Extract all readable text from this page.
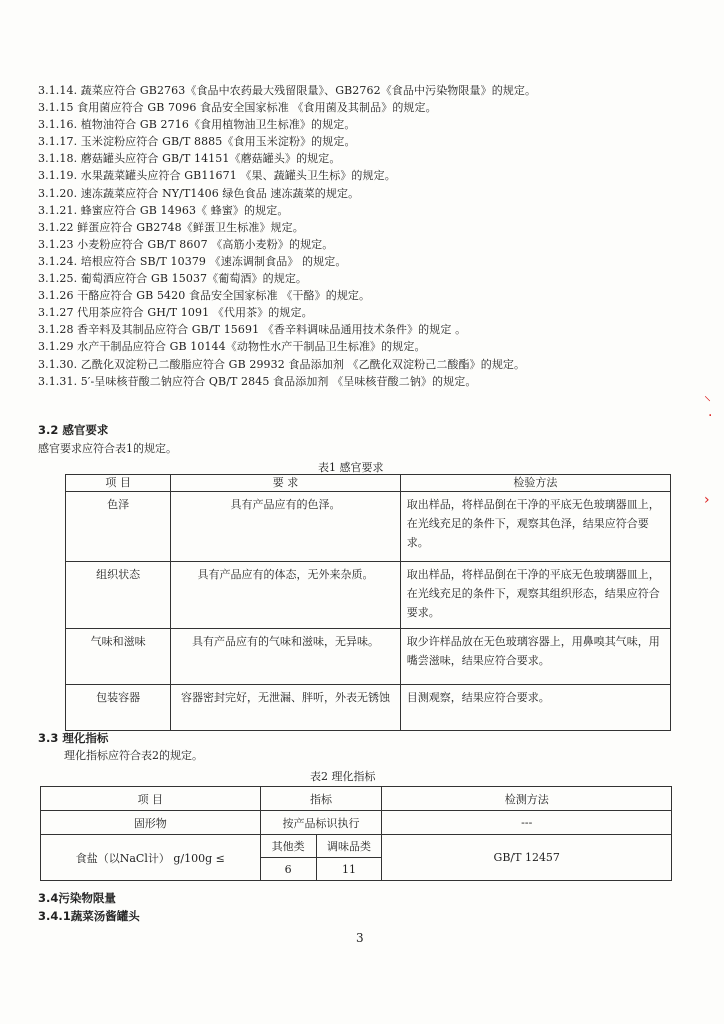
3.1.14. 蔬菜应符合 GB2763《食品中农药最大残留限量》、GB2762《食品中污染物限量》的规定。
3.1.15 食用菌应符合 GB 7096 食品安全国家标准 《食用菌及其制品》的规定。
3.1.16. 植物油符合 GB 2716《食用植物油卫生标准》的规定。
3.1.17. 玉米淀粉应符合 GB/T 8885《食用玉米淀粉》的规定。
3.1.18. 蘑菇罐头应符合 GB/T 14151《蘑菇罐头》的规定。
3.1.19. 水果蔬菜罐头应符合 GB11671 《果、蔬罐头卫生标》的规定。
3.1.20. 速冻蔬菜应符合 NY/T1406 绿色食品 速冻蔬菜的规定。
3.1.21. 蜂蜜应符合 GB 14963《 蜂蜜》的规定。
3.1.22 鲜蛋应符合 GB2748《鲜蛋卫生标准》规定。
3.1.23 小麦粉应符合 GB/T 8607 《高筋小麦粉》的规定。
3.1.24. 培根应符合 SB/T 10379 《速冻调制食品》 的规定。
3.1.25. 葡萄酒应符合 GB 15037《葡萄酒》的规定。
3.1.26 干酪应符合 GB 5420 食品安全国家标准 《干酪》的规定。
3.1.27 代用茶应符合 GH/T 1091 《代用茶》的规定。
3.1.28 香辛料及其制品应符合 GB/T 15691 《香辛料调味品通用技术条件》的规定 。
3.1.29 水产干制品应符合 GB 10144《动物性水产干制品卫生标准》的规定。
3.1.30. 乙酰化双淀粉己二酸脂应符合 GB 29932 食品添加剂 《乙酰化双淀粉己二酸酯》的规定。
3.1.31. 5′-呈味核苷酸二钠应符合 QB/T 2845 食品添加剂 《呈味核苷酸二钠》的规定。
3.2 感官要求
感官要求应符合表1的规定。
表1 感官要求
项 目	要 求	检验方法
色泽	具有产品应有的色泽。	取出样品，将样品倒在干净的平底无色玻璃器皿上，在光线充足的条件下，观察其色泽，结果应符合要求。
组织状态	具有产品应有的体态，无外来杂质。	取出样品，将样品倒在干净的平底无色玻璃器皿上，在光线充足的条件下，观察其组织形态，结果应符合要求。
气味和滋味	具有产品应有的气味和滋味，无异味。	取少许样品放在无色玻璃容器上，用鼻嗅其气味，用嘴尝滋味，结果应符合要求。
包装容器	容器密封完好，无泄漏、胖听，外表无锈蚀	目测观察，结果应符合要求。
3.3 理化指标
理化指标应符合表2的规定。
表2 理化指标
项 目	指标		检测方法
固形物	按产品标识执行		---
食盐（以NaCl计） g/100g ≤	其他类	调味品类	GB/T 12457
	6	11	
3.4污染物限量
3.4.1蔬菜汤酱罐头
3
⸌
·
›
